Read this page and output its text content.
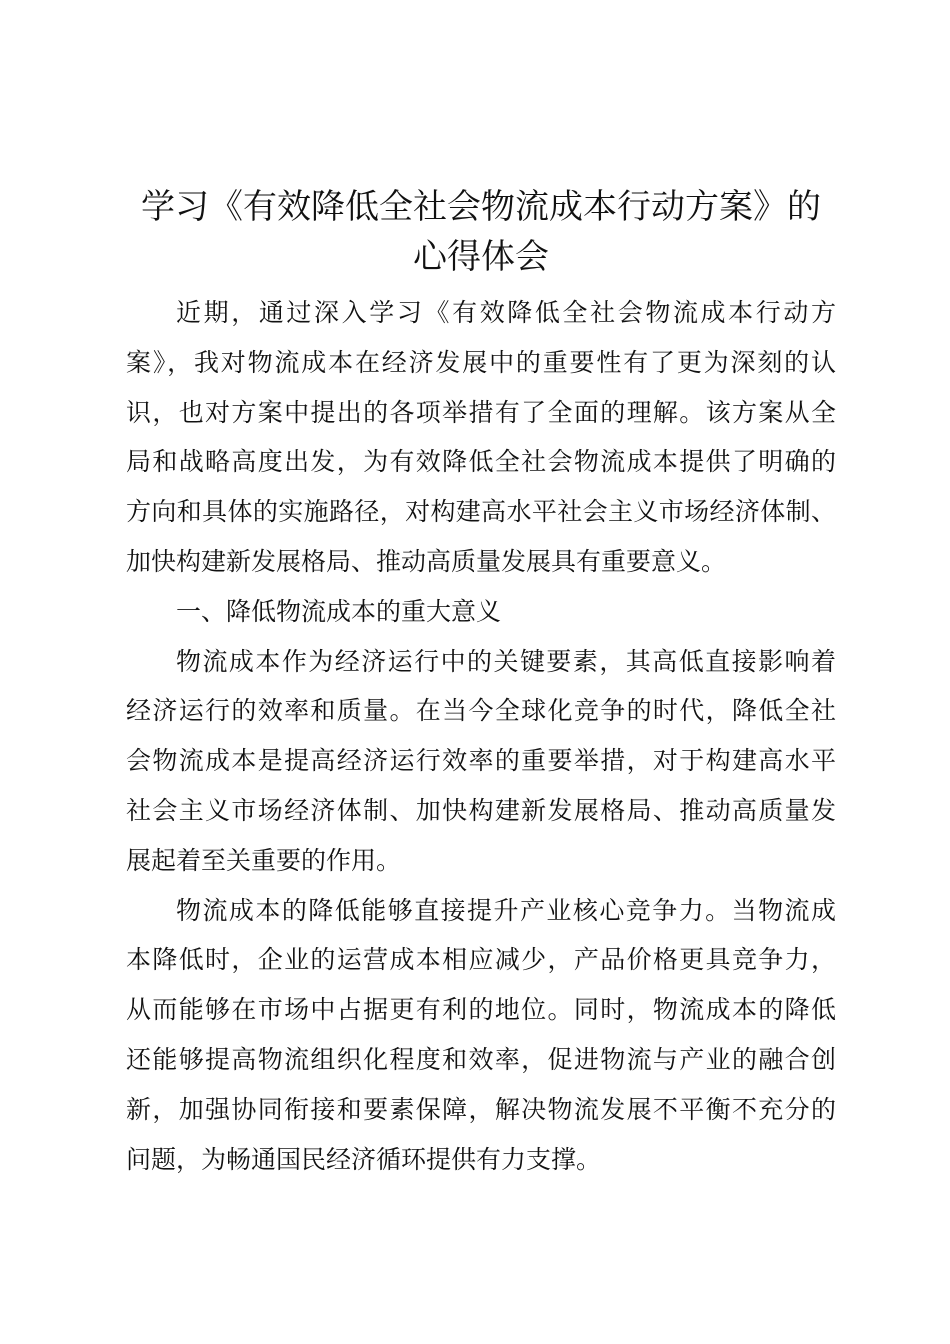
学习《有效降低全社会物流成本行动方案》的
心得体会
近期，通过深入学习《有效降低全社会物流成本行动方
案》，我对物流成本在经济发展中的重要性有了更为深刻的认
识，也对方案中提出的各项举措有了全面的理解。该方案从全
局和战略高度出发，为有效降低全社会物流成本提供了明确的
方向和具体的实施路径，对构建高水平社会主义市场经济体制、
加快构建新发展格局、推动高质量发展具有重要意义。
一、降低物流成本的重大意义
物流成本作为经济运行中的关键要素，其高低直接影响着
经济运行的效率和质量。在当今全球化竞争的时代，降低全社
会物流成本是提高经济运行效率的重要举措，对于构建高水平
社会主义市场经济体制、加快构建新发展格局、推动高质量发
展起着至关重要的作用。
物流成本的降低能够直接提升产业核心竞争力。当物流成
本降低时，企业的运营成本相应减少，产品价格更具竞争力，
从而能够在市场中占据更有利的地位。同时，物流成本的降低
还能够提高物流组织化程度和效率，促进物流与产业的融合创
新，加强协同衔接和要素保障，解决物流发展不平衡不充分的
问题，为畅通国民经济循环提供有力支撑。
